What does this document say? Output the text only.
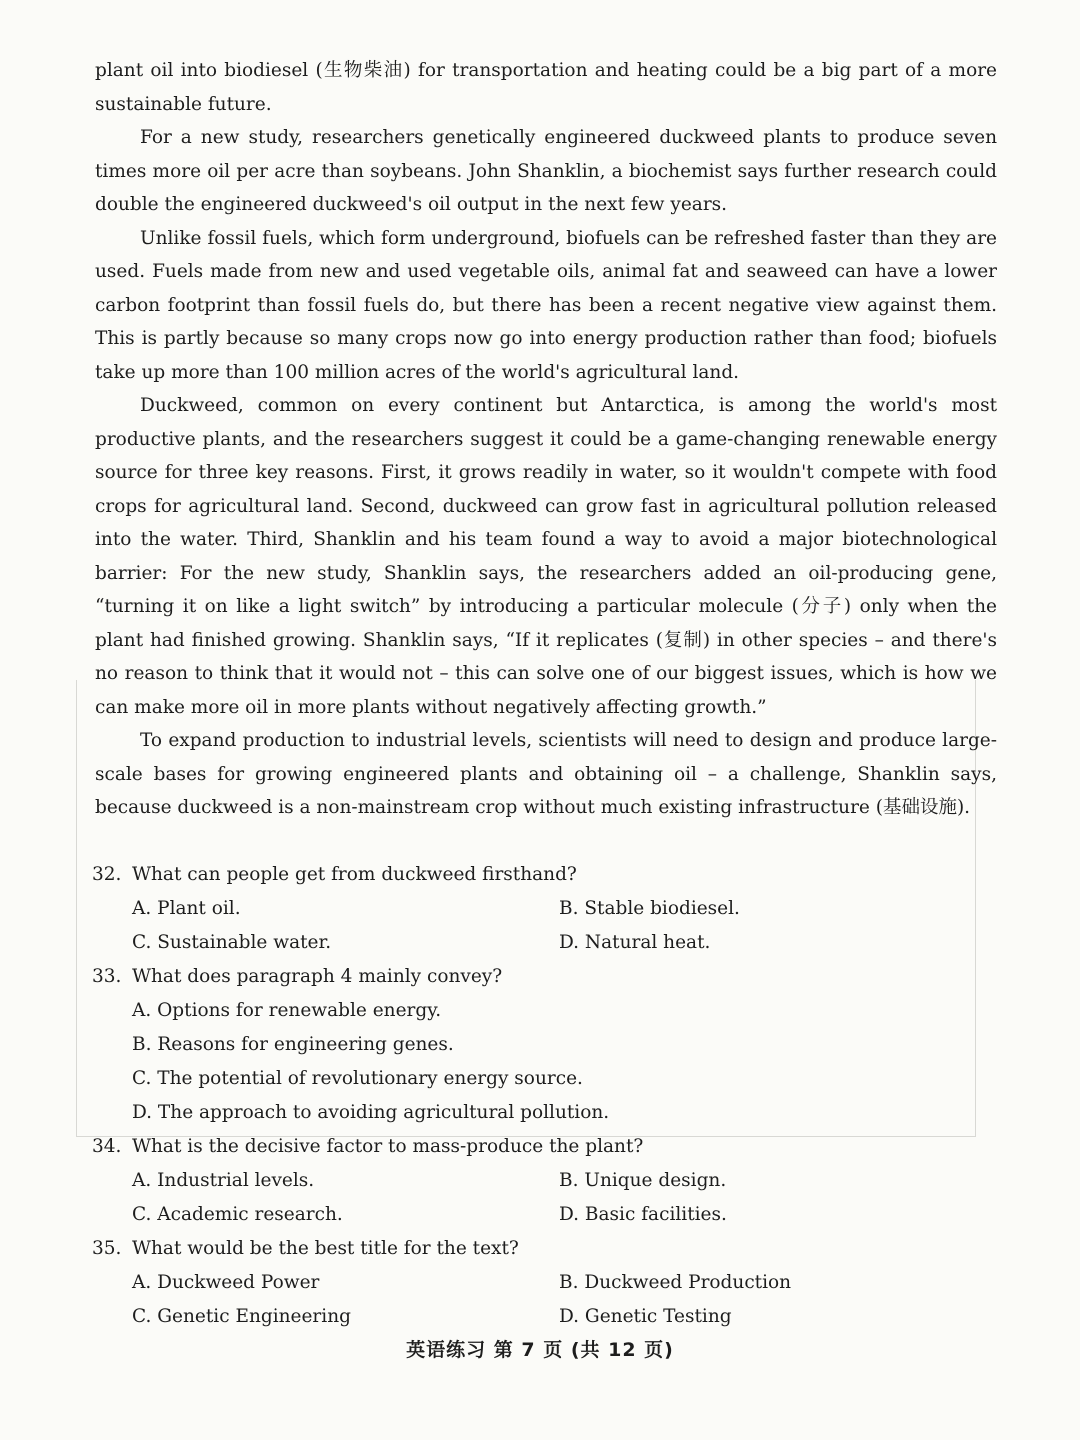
plant oil into biodiesel (生物柴油) for transportation and heating could be a big part of a more sustainable future.

For a new study, researchers genetically engineered duckweed plants to produce seven times more oil per acre than soybeans. John Shanklin, a biochemist says further research could double the engineered duckweed's oil output in the next few years.

Unlike fossil fuels, which form underground, biofuels can be refreshed faster than they are used. Fuels made from new and used vegetable oils, animal fat and seaweed can have a lower carbon footprint than fossil fuels do, but there has been a recent negative view against them. This is partly because so many crops now go into energy production rather than food; biofuels take up more than 100 million acres of the world's agricultural land.

Duckweed, common on every continent but Antarctica, is among the world's most productive plants, and the researchers suggest it could be a game-changing renewable energy source for three key reasons. First, it grows readily in water, so it wouldn't compete with food crops for agricultural land. Second, duckweed can grow fast in agricultural pollution released into the water. Third, Shanklin and his team found a way to avoid a major biotechnological barrier: For the new study, Shanklin says, the researchers added an oil-producing gene, “turning it on like a light switch” by introducing a particular molecule (分子) only when the plant had finished growing. Shanklin says, “If it replicates (复制) in other species – and there's no reason to think that it would not – this can solve one of our biggest issues, which is how we can make more oil in more plants without negatively affecting growth.”

To expand production to industrial levels, scientists will need to design and produce large-scale bases for growing engineered plants and obtaining oil – a challenge, Shanklin says, because duckweed is a non-mainstream crop without much existing infrastructure (基础设施).

32. What can people get from duckweed firsthand?
A. Plant oil.	B. Stable biodiesel.
C. Sustainable water.	D. Natural heat.
33. What does paragraph 4 mainly convey?
A. Options for renewable energy.
B. Reasons for engineering genes.
C. The potential of revolutionary energy source.
D. The approach to avoiding agricultural pollution.
34. What is the decisive factor to mass-produce the plant?
A. Industrial levels.	B. Unique design.
C. Academic research.	D. Basic facilities.
35. What would be the best title for the text?
A. Duckweed Power	B. Duckweed Production
C. Genetic Engineering	D. Genetic Testing
英语练习 第 7 页 (共 12 页)
